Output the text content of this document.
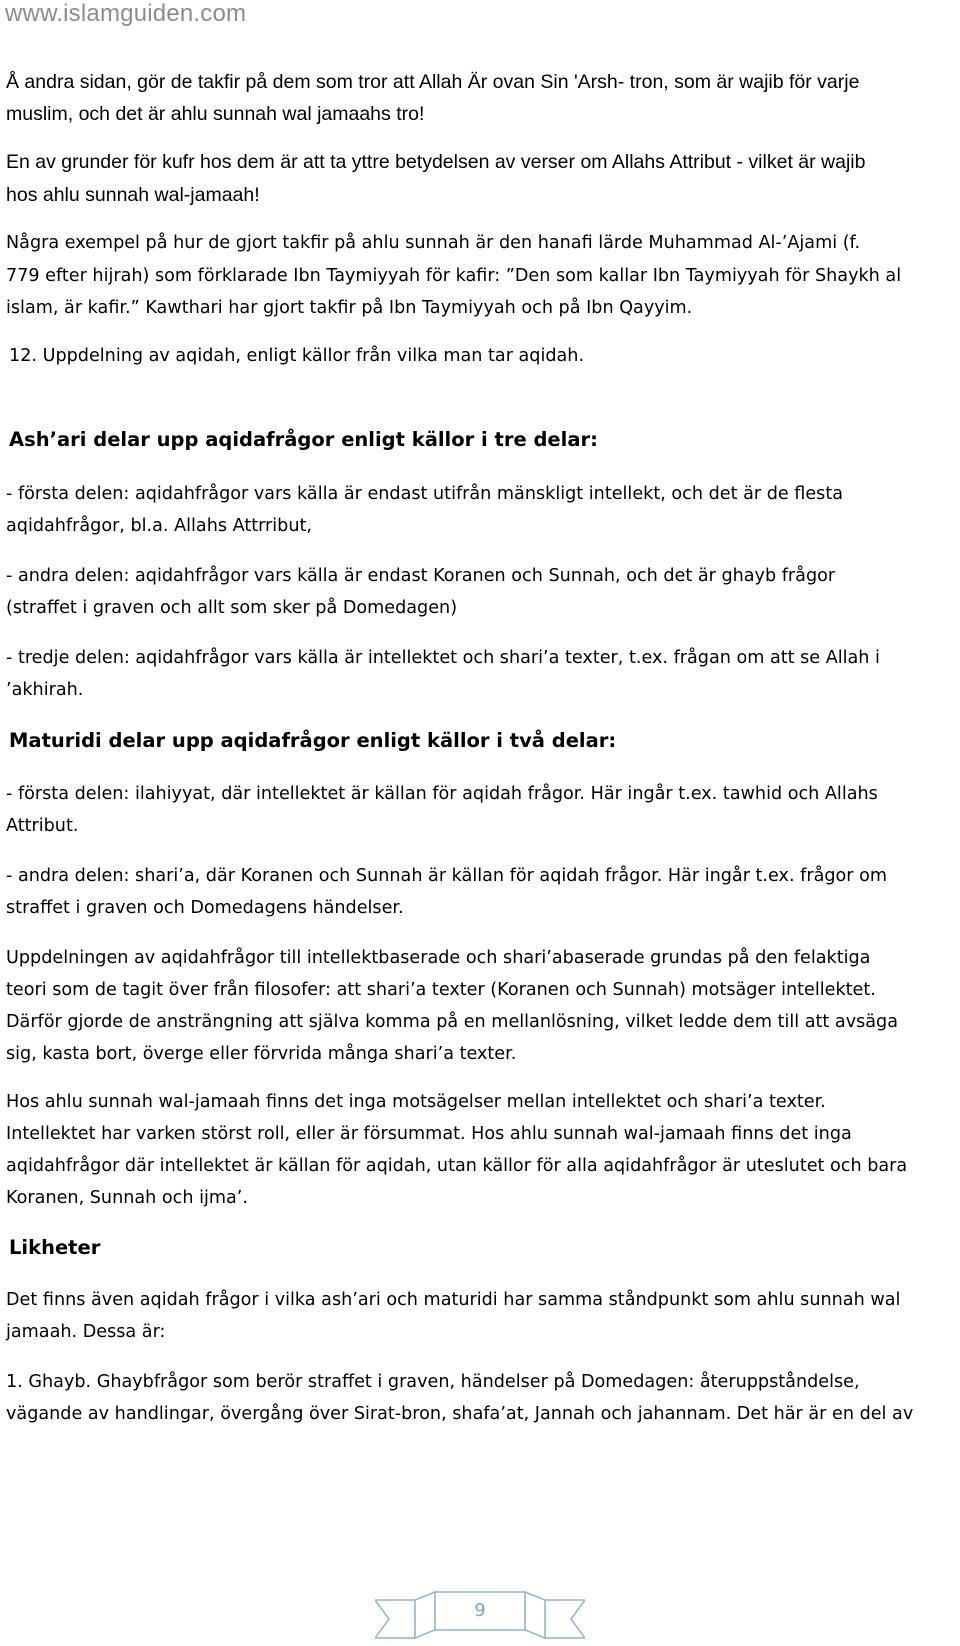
www.islamguiden.com
Å andra sidan, gör de takfir på dem som tror att Allah Är ovan Sin 'Arsh- tron, som är wajib för varje
muslim, och det är ahlu sunnah wal jamaahs tro!
En av grunder för kufr hos dem är att ta yttre betydelsen av verser om Allahs Attribut - vilket är wajib
hos ahlu sunnah wal-jamaah!
Några exempel på hur de gjort takfir på ahlu sunnah är den hanafi lärde Muhammad Al-’Ajami (f.
779 efter hijrah) som förklarade Ibn Taymiyyah för kafir: ”Den som kallar Ibn Taymiyyah för Shaykh al
islam, är kafir.” Kawthari har gjort takfir på Ibn Taymiyyah och på Ibn Qayyim.
12. Uppdelning av aqidah, enligt källor från vilka man tar aqidah.
Ash’ari delar upp aqidafrågor enligt källor i tre delar:
- första delen: aqidahfrågor vars källa är endast utifrån mänskligt intellekt, och det är de flesta
aqidahfrågor, bl.a. Allahs Attrribut,
- andra delen: aqidahfrågor vars källa är endast Koranen och Sunnah, och det är ghayb frågor
(straffet i graven och allt som sker på Domedagen)
- tredje delen: aqidahfrågor vars källa är intellektet och shari’a texter, t.ex. frågan om att se Allah i
’akhirah.
Maturidi delar upp aqidafrågor enligt källor i två delar:
- första delen: ilahiyyat, där intellektet är källan för aqidah frågor. Här ingår t.ex. tawhid och Allahs
Attribut.
- andra delen: shari’a, där Koranen och Sunnah är källan för aqidah frågor. Här ingår t.ex. frågor om
straffet i graven och Domedagens händelser.
Uppdelningen av aqidahfrågor till intellektbaserade och shari’abaserade grundas på den felaktiga
teori som de tagit över från filosofer: att shari’a texter (Koranen och Sunnah) motsäger intellektet.
Därför gjorde de ansträngning att själva komma på en mellanlösning, vilket ledde dem till att avsäga
sig, kasta bort, överge eller förvrida många shari’a texter.
Hos ahlu sunnah wal-jamaah finns det inga motsägelser mellan intellektet och shari’a texter.
Intellektet har varken störst roll, eller är försummat. Hos ahlu sunnah wal-jamaah finns det inga
aqidahfrågor där intellektet är källan för aqidah, utan källor för alla aqidahfrågor är uteslutet och bara
Koranen, Sunnah och ijma’.
Likheter
Det finns även aqidah frågor i vilka ash’ari och maturidi har samma ståndpunkt som ahlu sunnah wal
jamaah. Dessa är:
1. Ghayb. Ghaybfrågor som berör straffet i graven, händelser på Domedagen: återuppståndelse,
vägande av handlingar, övergång över Sirat-bron, shafa’at, Jannah och jahannam. Det här är en del av
9
